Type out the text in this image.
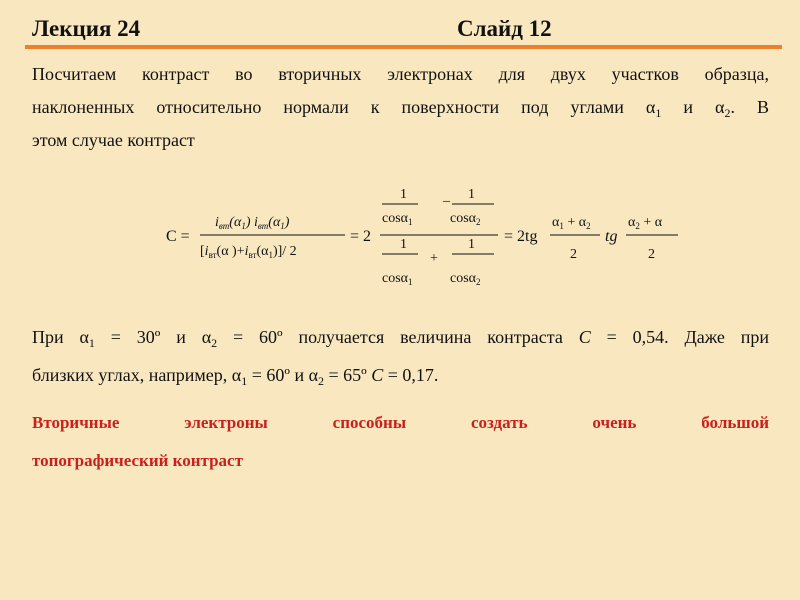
Лекция 24	Слайд 12
Посчитаем контраст во вторичных электронах для двух участков образца,
наклоненных относительно нормали к поверхности под углами $\alpha_1$ и $\alpha_2$. В
этом случае контраст
C =
$i_{вт}(\alpha_1)$ $i_{вт}(\alpha_1)$
[$i_{вт}(\alpha$ )$+i_{вт}(\alpha_1)]/$ 2
= 2
1	_ 1
cosα$_1$	cosα$_2$
1	1
+
cosα$_1$	cosα$_2$
= 2tg
$\alpha_1 + \alpha_2$
2
tg
$\alpha_2 + \alpha$
2
При $\alpha_1$ = 30º и $\alpha_2$ = 60º получается величина контраста C = 0,54. Даже при
близких углах, например, $\alpha_1$ = 60º и $\alpha_2$ = 65º C = 0,17.
Вторичные электроны способны создать очень большой
топографический контраст
